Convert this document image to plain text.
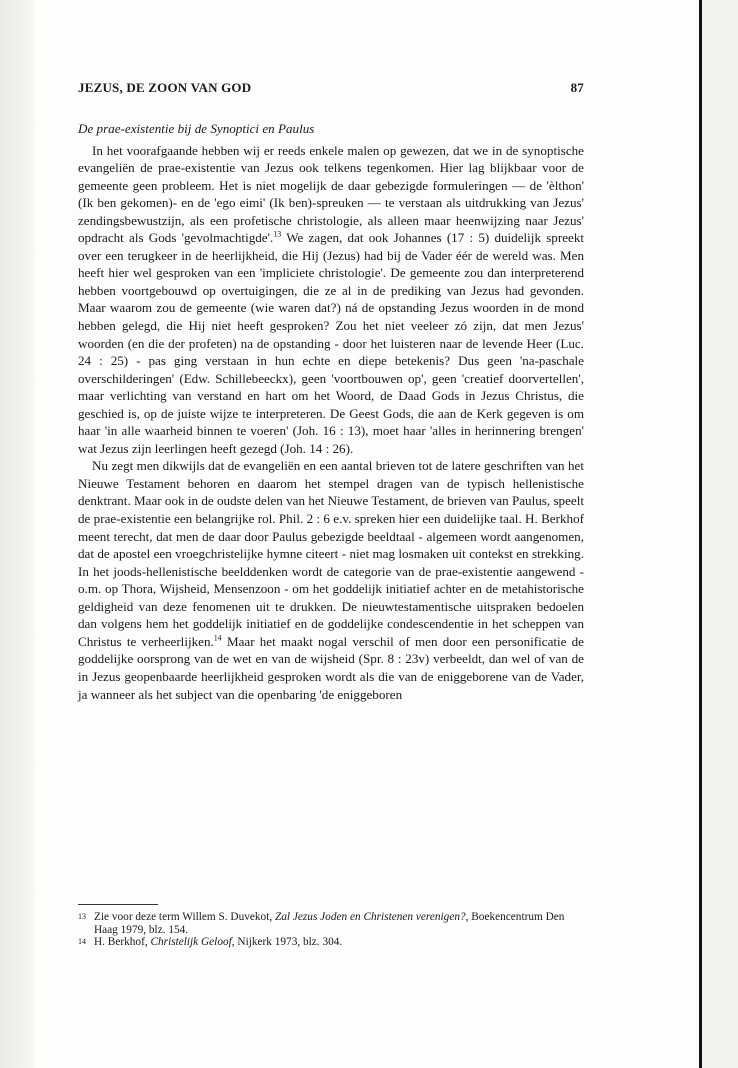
JEZUS, DE ZOON VAN GOD	87
De prae-existentie bij de Synoptici en Paulus

In het voorafgaande hebben wij er reeds enkele malen op gewezen, dat we in de synoptische evangeliën de prae-existentie van Jezus ook telkens tegenkomen. Hier lag blijkbaar voor de gemeente geen probleem. Het is niet mogelijk de daar gebezigde formuleringen — de 'èlthon' (Ik ben gekomen)- en de 'ego eimi' (Ik ben)-spreuken — te verstaan als uitdrukking van Jezus' zendingsbewustzijn, als een profetische christologie, als alleen maar heenwijzing naar Jezus' opdracht als Gods 'gevolmachtigde'.$^{13}$ We zagen, dat ook Johannes (17 : 5) duidelijk spreekt over een terugkeer in de heerlijkheid, die Hij (Jezus) had bij de Vader éér de wereld was. Men heeft hier wel gesproken van een 'impliciete christologie'. De gemeente zou dan interpreterend hebben voortgebouwd op overtuigingen, die ze al in de prediking van Jezus had gevonden. Maar waarom zou de gemeente (wie waren dat?) ná de opstanding Jezus woorden in de mond hebben gelegd, die Hij niet heeft gesproken? Zou het niet veeleer zó zijn, dat men Jezus' woorden (en die der profeten) na de opstanding - door het luisteren naar de levende Heer (Luc. 24 : 25) - pas ging verstaan in hun echte en diepe betekenis? Dus geen 'na-paschale overschilderingen' (Edw. Schillebeeckx), geen 'voortbouwen op', geen 'creatief doorvertellen', maar verlichting van verstand en hart om het Woord, de Daad Gods in Jezus Christus, die geschied is, op de juiste wijze te interpreteren. De Geest Gods, die aan de Kerk gegeven is om haar 'in alle waarheid binnen te voeren' (Joh. 16 : 13), moet haar 'alles in herinnering brengen' wat Jezus zijn leerlingen heeft gezegd (Joh. 14 : 26).

Nu zegt men dikwijls dat de evangeliën en een aantal brieven tot de latere geschriften van het Nieuwe Testament behoren en daarom het stempel dragen van de typisch hellenistische denktrant. Maar ook in de oudste delen van het Nieuwe Testament, de brieven van Paulus, speelt de prae-existentie een belangrijke rol. Phil. 2 : 6 e.v. spreken hier een duidelijke taal. H. Berkhof meent terecht, dat men de daar door Paulus gebezigde beeldtaal - algemeen wordt aangenomen, dat de apostel een vroegchristelijke hymne citeert - niet mag losmaken uit contekst en strekking. In het joods-hellenistische beelddenken wordt de categorie van de prae-existentie aangewend - o.m. op Thora, Wijsheid, Mensenzoon - om het goddelijk initiatief achter en de metahistorische geldigheid van deze fenomenen uit te drukken. De nieuwtestamentische uitspraken bedoelen dan volgens hem het goddelijk initiatief en de goddelijke condescendentie in het scheppen van Christus te verheerlijken.$^{14}$ Maar het maakt nogal verschil of men door een personificatie de goddelijke oorsprong van de wet en van de wijsheid (Spr. 8 : 23v) verbeeldt, dan wel of van de in Jezus geopenbaarde heerlijkheid gesproken wordt als die van de eniggeborene van de Vader, ja wanneer als het subject van die openbaring 'de eniggeboren

13 Zie voor deze term Willem S. Duvekot, Zal Jezus Joden en Christenen verenigen?, Boekencentrum Den Haag 1979, blz. 154.
14 H. Berkhof, Christelijk Geloof, Nijkerk 1973, blz. 304.
